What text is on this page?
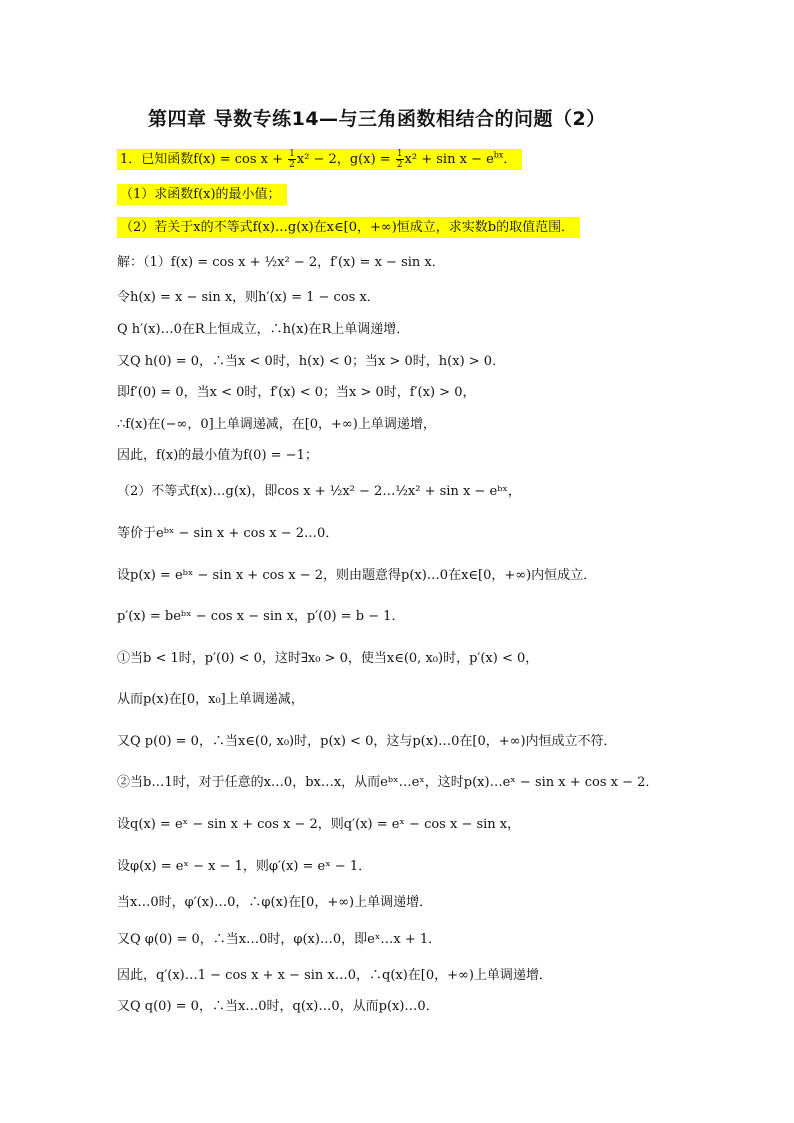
第四章 导数专练14—与三角函数相结合的问题（2）
1．已知函数$f(x) = \cos x + \frac{1}{2} x^2 - 2$，$g(x) = \frac{1}{2} x^2 + \sin x - e^{bx}$．
（1）求函数f(x)的最小值；
（2）若关于x的不等式f(x)…g(x)在x∈[0，+∞)恒成立，求实数b的取值范围．
解：（1）f(x) = cos x + ½x² − 2，f′(x) = x − sin x．
令h(x) = x − sin x，则h′(x) = 1 − cos x．
Q h′(x)…0在R上恒成立，∴h(x)在R上单调递增．
又Q h(0) = 0，∴当x < 0时，h(x) < 0；当x > 0时，h(x) > 0．
即f′(0) = 0，当x < 0时，f′(x) < 0；当x > 0时，f′(x) > 0，
∴f(x)在(−∞，0]上单调递减，在[0，+∞)上单调递增，
因此，f(x)的最小值为f(0) = −1；
（2）不等式f(x)…g(x)，即cos x + ½x² − 2…½x² + sin x − eᵇˣ，
等价于eᵇˣ − sin x + cos x − 2…0．
设p(x) = eᵇˣ − sin x + cos x − 2，则由题意得p(x)…0在x∈[0，+∞)内恒成立．
p′(x) = beᵇˣ − cos x − sin x，p′(0) = b − 1．
①当b < 1时，p′(0) < 0，这时∃x₀ > 0，使当x∈(0, x₀)时，p′(x) < 0，
从而p(x)在[0，x₀]上单调递减，
又Q p(0) = 0，∴当x∈(0, x₀)时，p(x) < 0，这与p(x)…0在[0，+∞)内恒成立不符．
②当b…1时，对于任意的x…0，bx…x，从而eᵇˣ…eˣ，这时p(x)…eˣ − sin x + cos x − 2．
设q(x) = eˣ − sin x + cos x − 2，则q′(x) = eˣ − cos x − sin x，
设φ(x) = eˣ − x − 1，则φ′(x) = eˣ − 1．
当x…0时，φ′(x)…0，∴φ(x)在[0，+∞)上单调递增．
又Q φ(0) = 0，∴当x…0时，φ(x)…0，即eˣ…x + 1．
因此，q′(x)…1 − cos x + x − sin x…0，∴q(x)在[0，+∞)上单调递增．
又Q q(0) = 0，∴当x…0时，q(x)…0，从而p(x)…0．
